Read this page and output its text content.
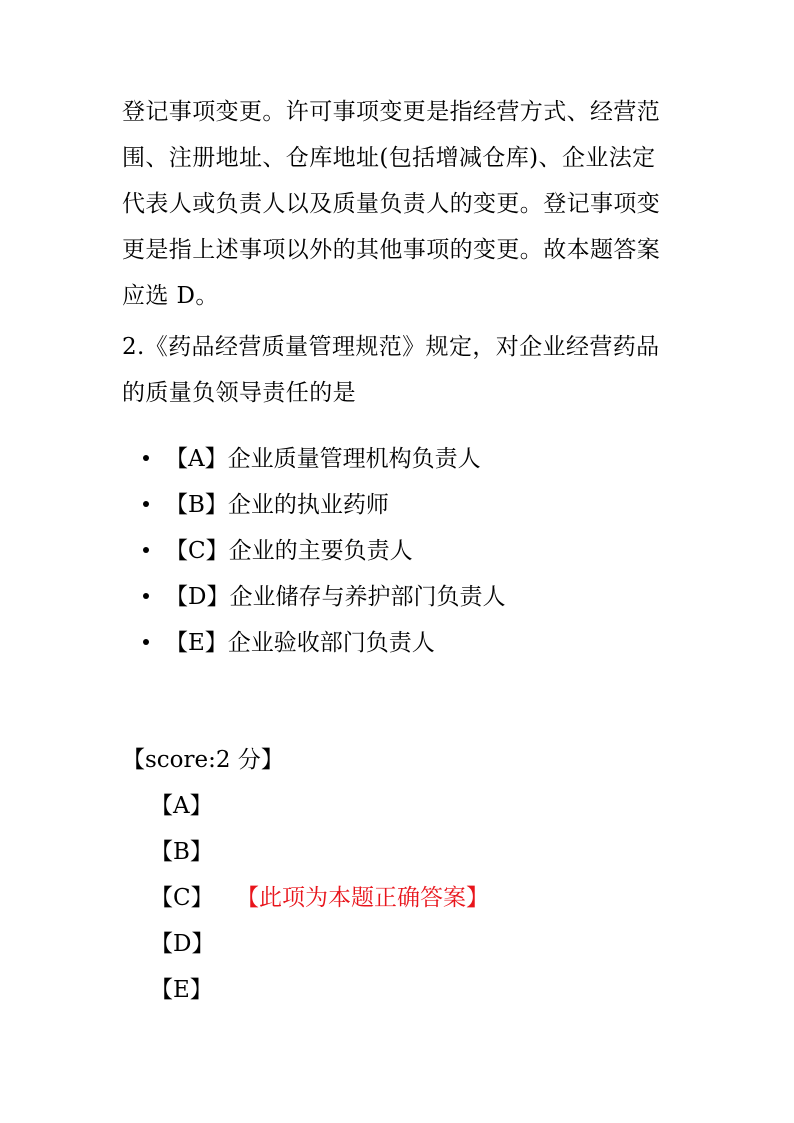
登记事项变更。许可事项变更是指经营方式、经营范
围、注册地址、仓库地址(包括增减仓库)、企业法定
代表人或负责人以及质量负责人的变更。登记事项变
更是指上述事项以外的其他事项的变更。故本题答案
应选 D。
2.《药品经营质量管理规范》规定，对企业经营药品
的质量负领导责任的是
【A】企业质量管理机构负责人
【B】企业的执业药师
【C】企业的主要负责人
【D】企业储存与养护部门负责人
【E】企业验收部门负责人
【score:2 分】
【A】
【B】
【C】 【此项为本题正确答案】
【D】
【E】
